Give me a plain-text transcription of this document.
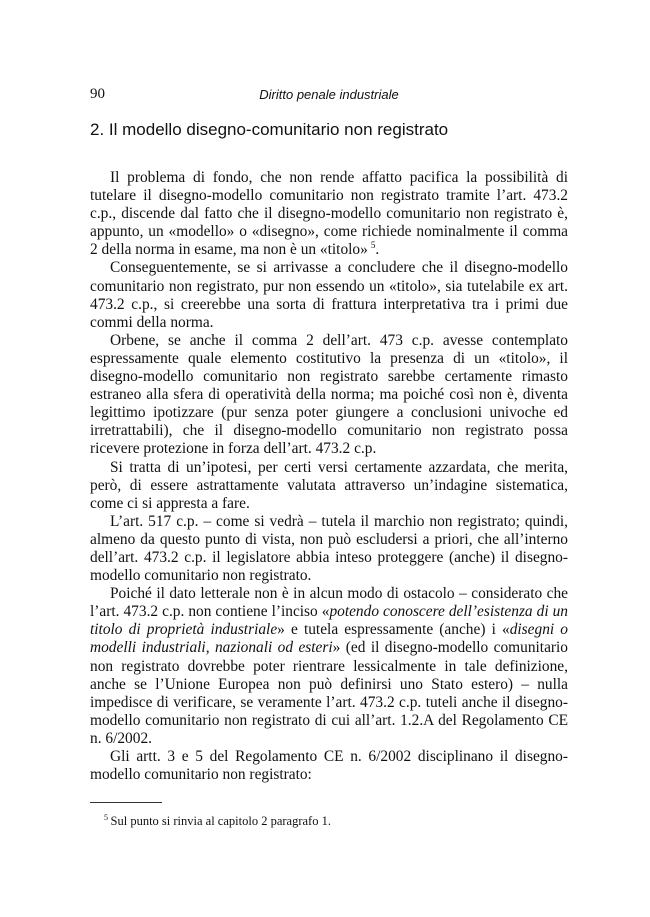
90	Diritto penale industriale
2. Il modello disegno-comunitario non registrato

Il problema di fondo, che non rende affatto pacifica la possibilità di tutelare il disegno-modello comunitario non registrato tramite l’art. 473.2 c.p., discende dal fatto che il disegno-modello comunitario non registrato è, appunto, un «modello» o «disegno», come richiede nominalmente il comma 2 della norma in esame, ma non è un «titolo»  $^5$.

Conseguentemente, se si arrivasse a concludere che il disegno-modello comunitario non registrato, pur non essendo un «titolo», sia tutelabile ex art. 473.2 c.p., si creerebbe una sorta di frattura interpretativa tra i primi due commi della norma.

Orbene, se anche il comma 2 dell’art. 473 c.p. avesse contemplato espressamente quale elemento costitutivo la presenza di un «titolo», il disegno-modello comunitario non registrato sarebbe certamente rimasto estraneo alla sfera di operatività della norma; ma poiché così non è, diventa legittimo ipotizzare (pur senza poter giungere a conclusioni univoche ed irretrattabili), che il disegno-modello comunitario non registrato possa ricevere protezione in forza dell’art. 473.2 c.p.

Si tratta di un’ipotesi, per certi versi certamente azzardata, che merita, però, di essere astrattamente valutata attraverso un’indagine sistematica, come ci si appresta a fare.

L’art. 517 c.p. – come si vedrà – tutela il marchio non registrato; quindi, almeno da questo punto di vista, non può escludersi a priori, che all’interno dell’art. 473.2 c.p. il legislatore abbia inteso proteggere (anche) il disegno-modello comunitario non registrato.

Poiché il dato letterale non è in alcun modo di ostacolo – considerato che l’art. 473.2 c.p. non contiene l’inciso «potendo conoscere dell’esistenza di un titolo di proprietà industriale» e tutela espressamente (anche) i «disegni o modelli industriali, nazionali od esteri» (ed il disegno-modello comunitario non registrato dovrebbe poter rientrare lessicalmente in tale definizione, anche se l’Unione Europea non può definirsi uno Stato estero) – nulla impedisce di verificare, se veramente l’art. 473.2 c.p. tuteli anche il disegno-modello comunitario non registrato di cui all’art. 1.2.A del Regolamento CE n. 6/2002.

Gli artt. 3 e 5 del Regolamento CE n. 6/2002 disciplinano il disegno-modello comunitario non registrato:

$^5$  Sul punto si rinvia al capitolo 2 paragrafo 1.
